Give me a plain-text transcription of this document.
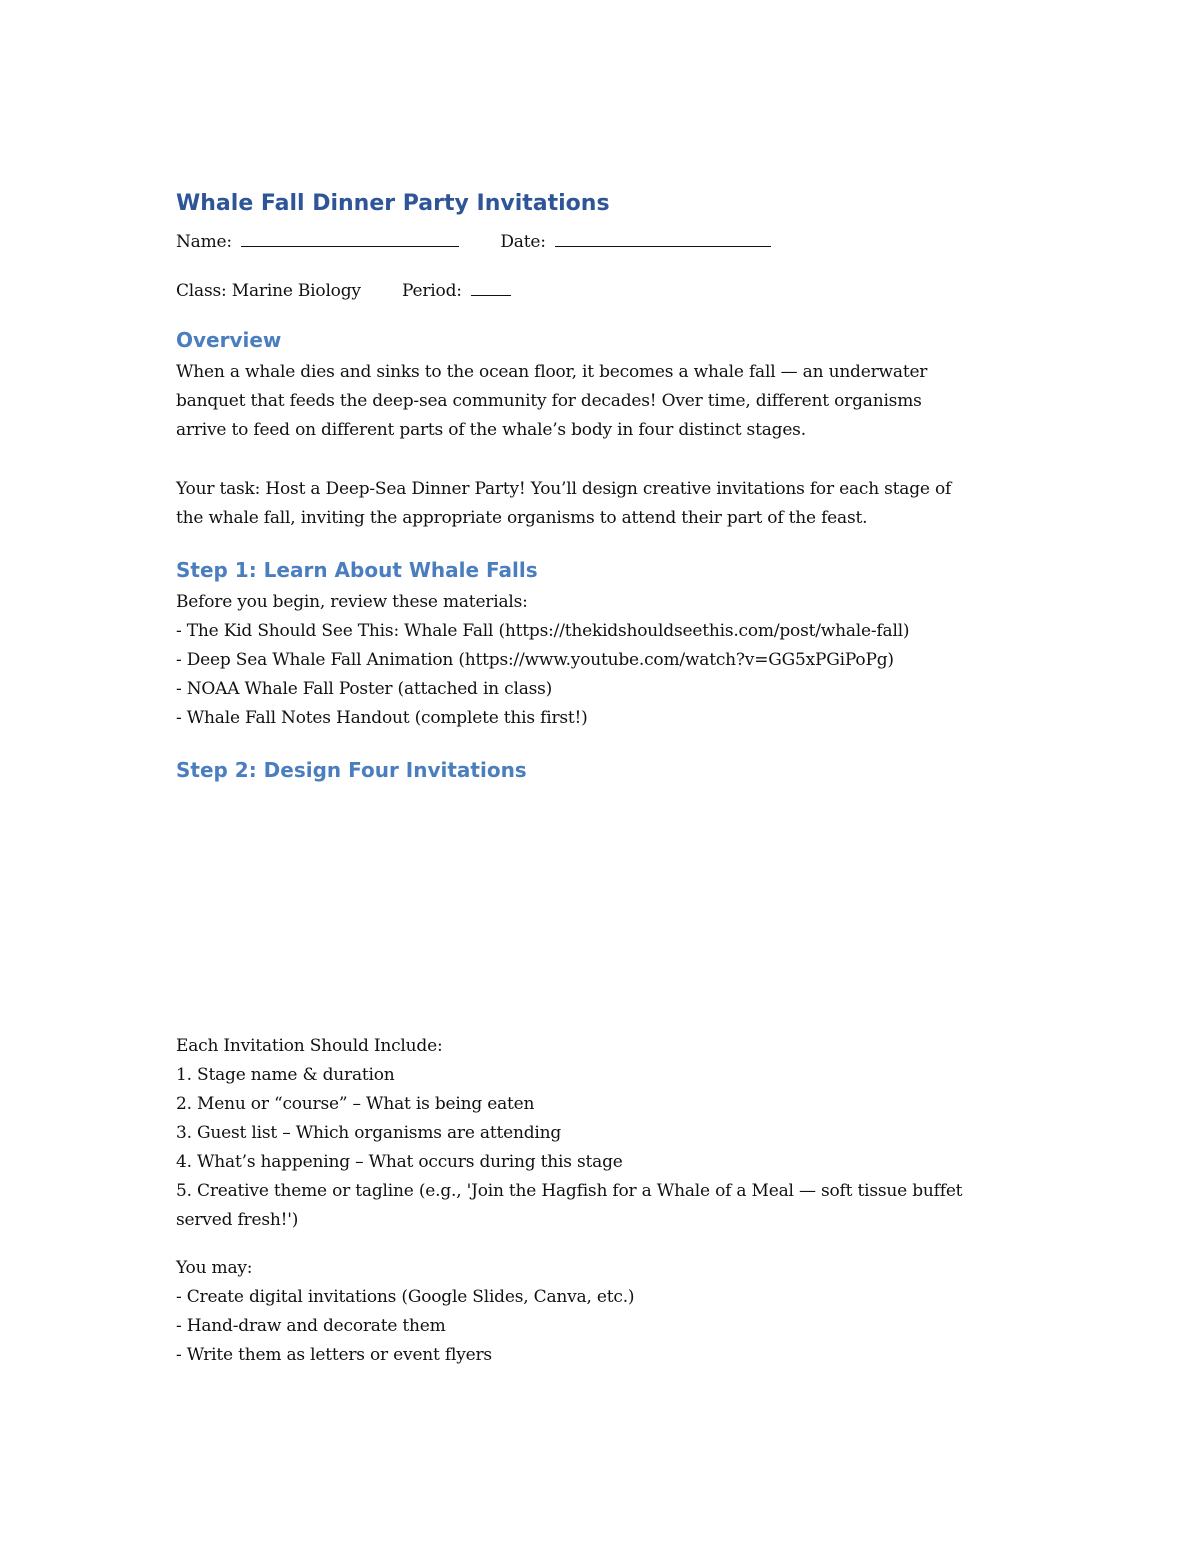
Whale Fall Dinner Party Invitations

Name:	Date:

Class: Marine Biology Period:

Overview

When a whale dies and sinks to the ocean floor, it becomes a whale fall — an underwater

banquet that feeds the deep-sea community for decades! Over time, different organisms

arrive to feed on different parts of the whale’s body in four distinct stages.

Your task: Host a Deep-Sea Dinner Party! You’ll design creative invitations for each stage of

the whale fall, inviting the appropriate organisms to attend their part of the feast.

Step 1: Learn About Whale Falls

Before you begin, review these materials:

- The Kid Should See This: Whale Fall (https://thekidshouldseethis.com/post/whale-fall)

- Deep Sea Whale Fall Animation (https://www.youtube.com/watch?v=GG5xPGiPoPg)

- NOAA Whale Fall Poster (attached in class)

- Whale Fall Notes Handout (complete this first!)

Step 2: Design Four Invitations

Each Invitation Should Include:

1. Stage name & duration

2. Menu or “course” – What is being eaten

3. Guest list – Which organisms are attending

4. What’s happening – What occurs during this stage

5. Creative theme or tagline (e.g., 'Join the Hagfish for a Whale of a Meal — soft tissue buffet

served fresh!')

You may:

- Create digital invitations (Google Slides, Canva, etc.)

- Hand-draw and decorate them

- Write them as letters or event flyers
